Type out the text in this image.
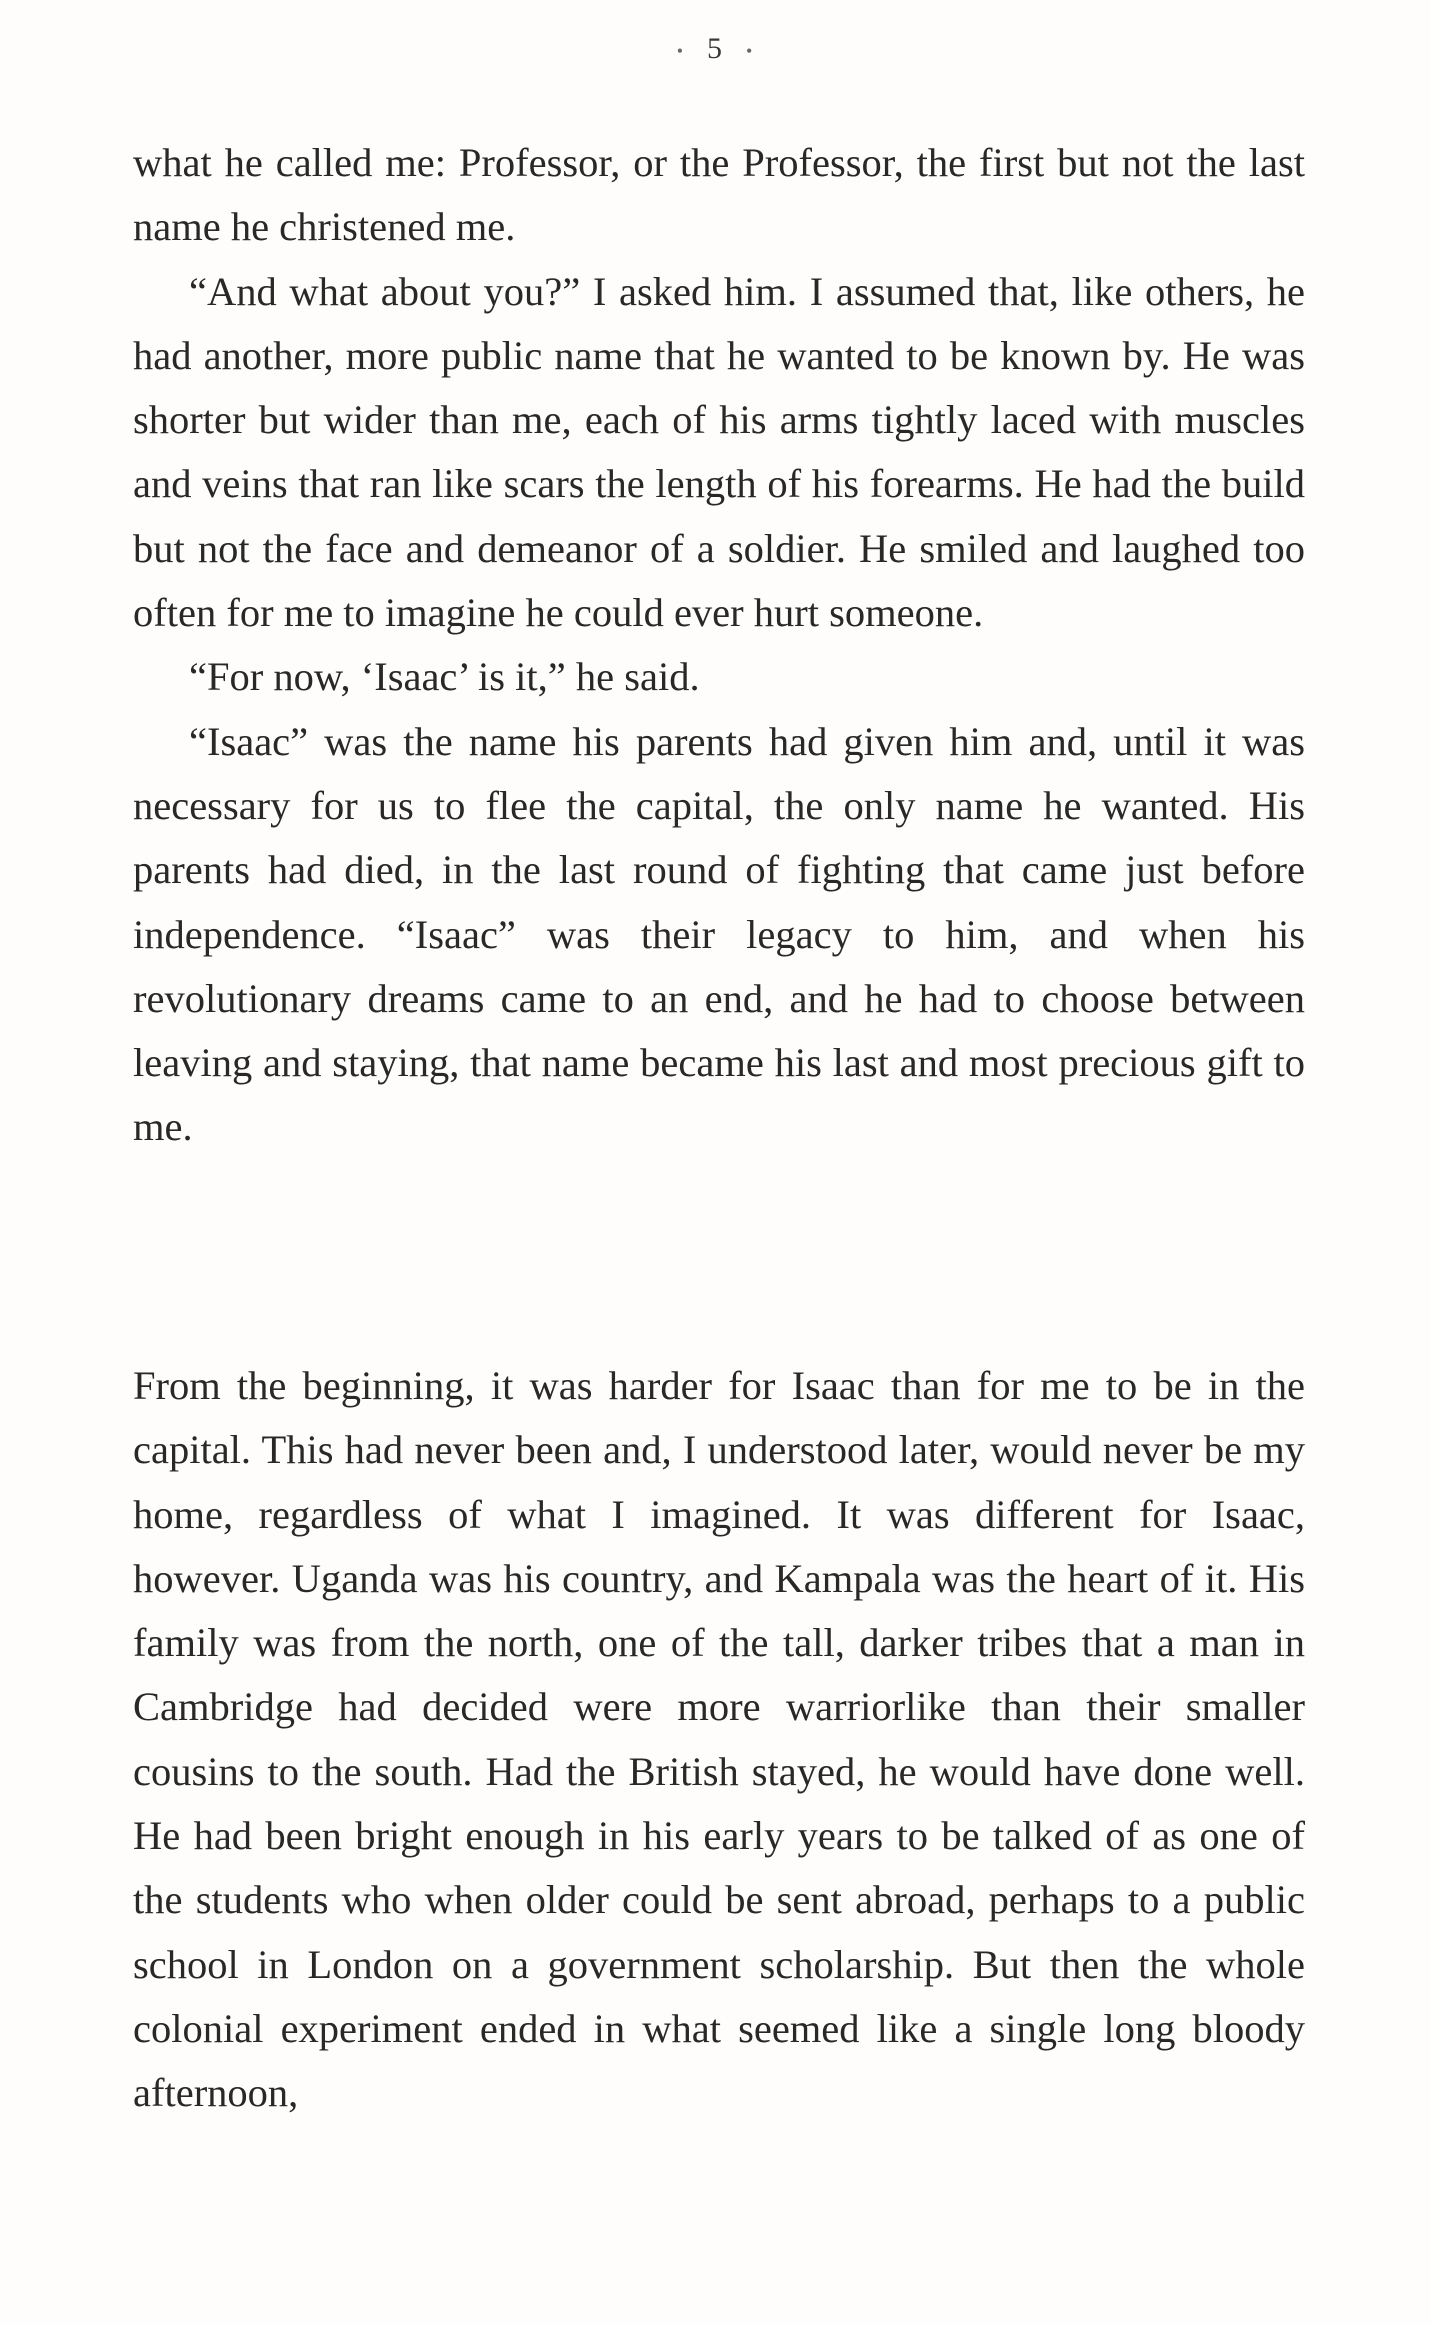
• 5 •

what he called me: Professor, or the Professor, the first but not the last name he christened me.

“And what about you?” I asked him. I assumed that, like others, he had another, more public name that he wanted to be known by. He was shorter but wider than me, each of his arms tightly laced with muscles and veins that ran like scars the length of his forearms. He had the build but not the face and demeanor of a soldier. He smiled and laughed too often for me to imagine he could ever hurt someone.

“For now, ‘Isaac’ is it,” he said.

“Isaac” was the name his parents had given him and, until it was necessary for us to flee the capital, the only name he wanted. His parents had died, in the last round of fighting that came just before independence. “Isaac” was their legacy to him, and when his revolutionary dreams came to an end, and he had to choose between leaving and staying, that name became his last and most precious gift to me.

From the beginning, it was harder for Isaac than for me to be in the capital. This had never been and, I understood later, would never be my home, regardless of what I imagined. It was different for Isaac, however. Uganda was his country, and Kampala was the heart of it. His family was from the north, one of the tall, darker tribes that a man in Cambridge had decided were more warriorlike than their smaller cousins to the south. Had the British stayed, he would have done well. He had been bright enough in his early years to be talked of as one of the students who when older could be sent abroad, perhaps to a public school in London on a government scholarship. But then the whole colonial experiment ended in what seemed like a single long bloody afternoon,
